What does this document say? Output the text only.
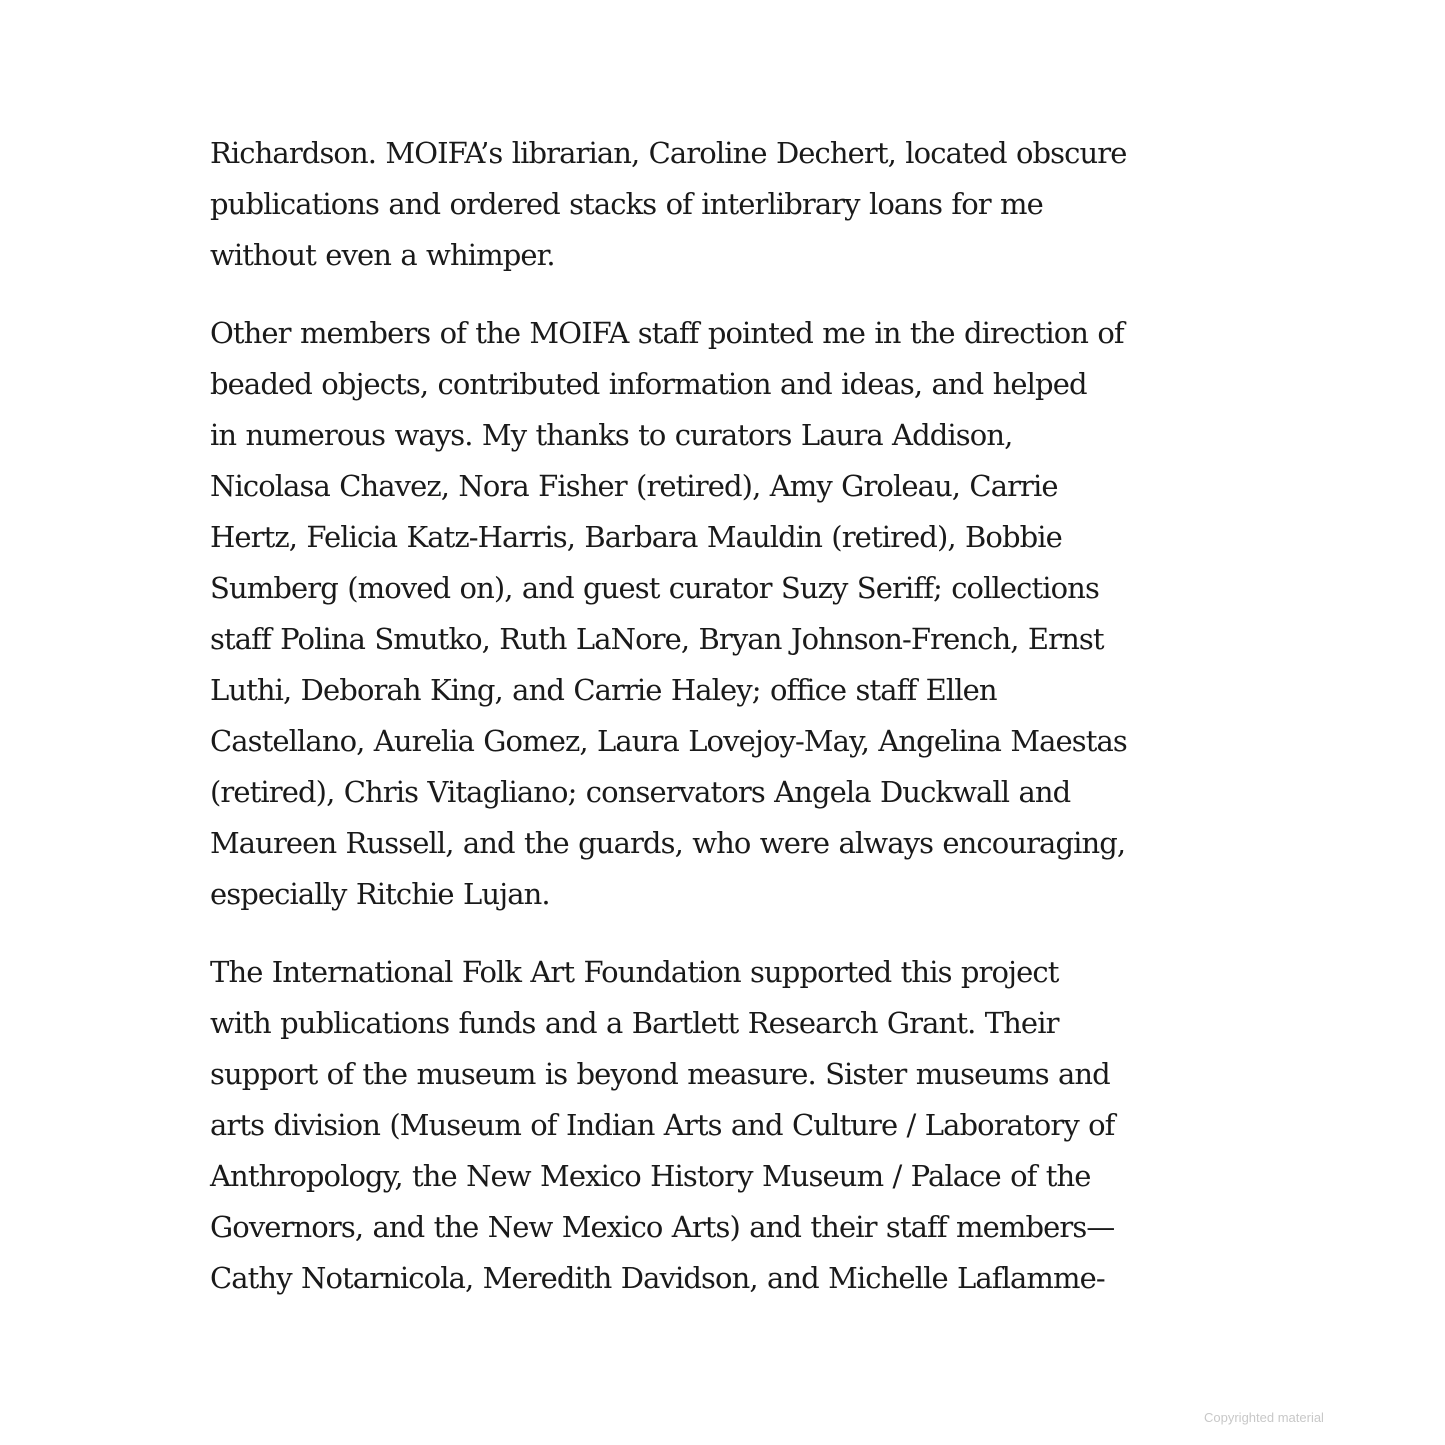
Richardson. MOIFA’s librarian, Caroline Dechert, located obscure
publications and ordered stacks of interlibrary loans for me
without even a whimper.

Other members of the MOIFA staff pointed me in the direction of
beaded objects, contributed information and ideas, and helped
in numerous ways. My thanks to curators Laura Addison,
Nicolasa Chavez, Nora Fisher (retired), Amy Groleau, Carrie
Hertz, Felicia Katz-Harris, Barbara Mauldin (retired), Bobbie
Sumberg (moved on), and guest curator Suzy Seriff; collections
staff Polina Smutko, Ruth LaNore, Bryan Johnson-French, Ernst
Luthi, Deborah King, and Carrie Haley; office staff Ellen
Castellano, Aurelia Gomez, Laura Lovejoy-May, Angelina Maestas
(retired), Chris Vitagliano; conservators Angela Duckwall and
Maureen Russell, and the guards, who were always encouraging,
especially Ritchie Lujan.

The International Folk Art Foundation supported this project
with publications funds and a Bartlett Research Grant. Their
support of the museum is beyond measure. Sister museums and
arts division (Museum of Indian Arts and Culture / Laboratory of
Anthropology, the New Mexico History Museum / Palace of the
Governors, and the New Mexico Arts) and their staff members—
Cathy Notarnicola, Meredith Davidson, and Michelle Laflamme-

Copyrighted material
